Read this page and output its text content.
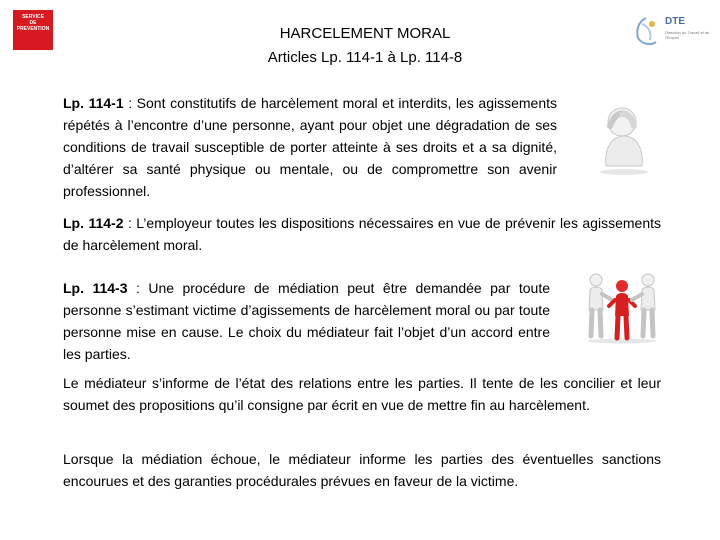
SERVICE
DE
PREVENTION
DTE
Direction du Travail et de l'Emploi
HARCELEMENT MORAL
Articles Lp. 114-1 à Lp. 114-8

Lp. 114-1 : Sont constitutifs de harcèlement moral et interdits, les agissements répétés à l’encontre d’une personne, ayant pour objet une dégradation de ses conditions de travail susceptible de porter atteinte à ses droits et a sa dignité, d’altérer sa santé physique ou mentale, ou de compromettre son avenir professionnel.

Lp. 114-2 : L’employeur toutes les dispositions nécessaires en vue de prévenir les agissements de harcèlement moral.

Lp. 114-3 : Une procédure de médiation peut être demandée par toute personne s’estimant victime d’agissements de harcèlement moral ou par toute personne mise en cause. Le choix du médiateur fait l’objet d’un accord entre les parties.

Le médiateur s’informe de l’état des relations entre les parties. Il tente de les concilier et leur soumet des propositions qu’il consigne par écrit en vue de mettre fin au harcèlement.

Lorsque la médiation échoue, le médiateur informe les parties des éventuelles sanctions encourues et des garanties procédurales prévues en faveur de la victime.
